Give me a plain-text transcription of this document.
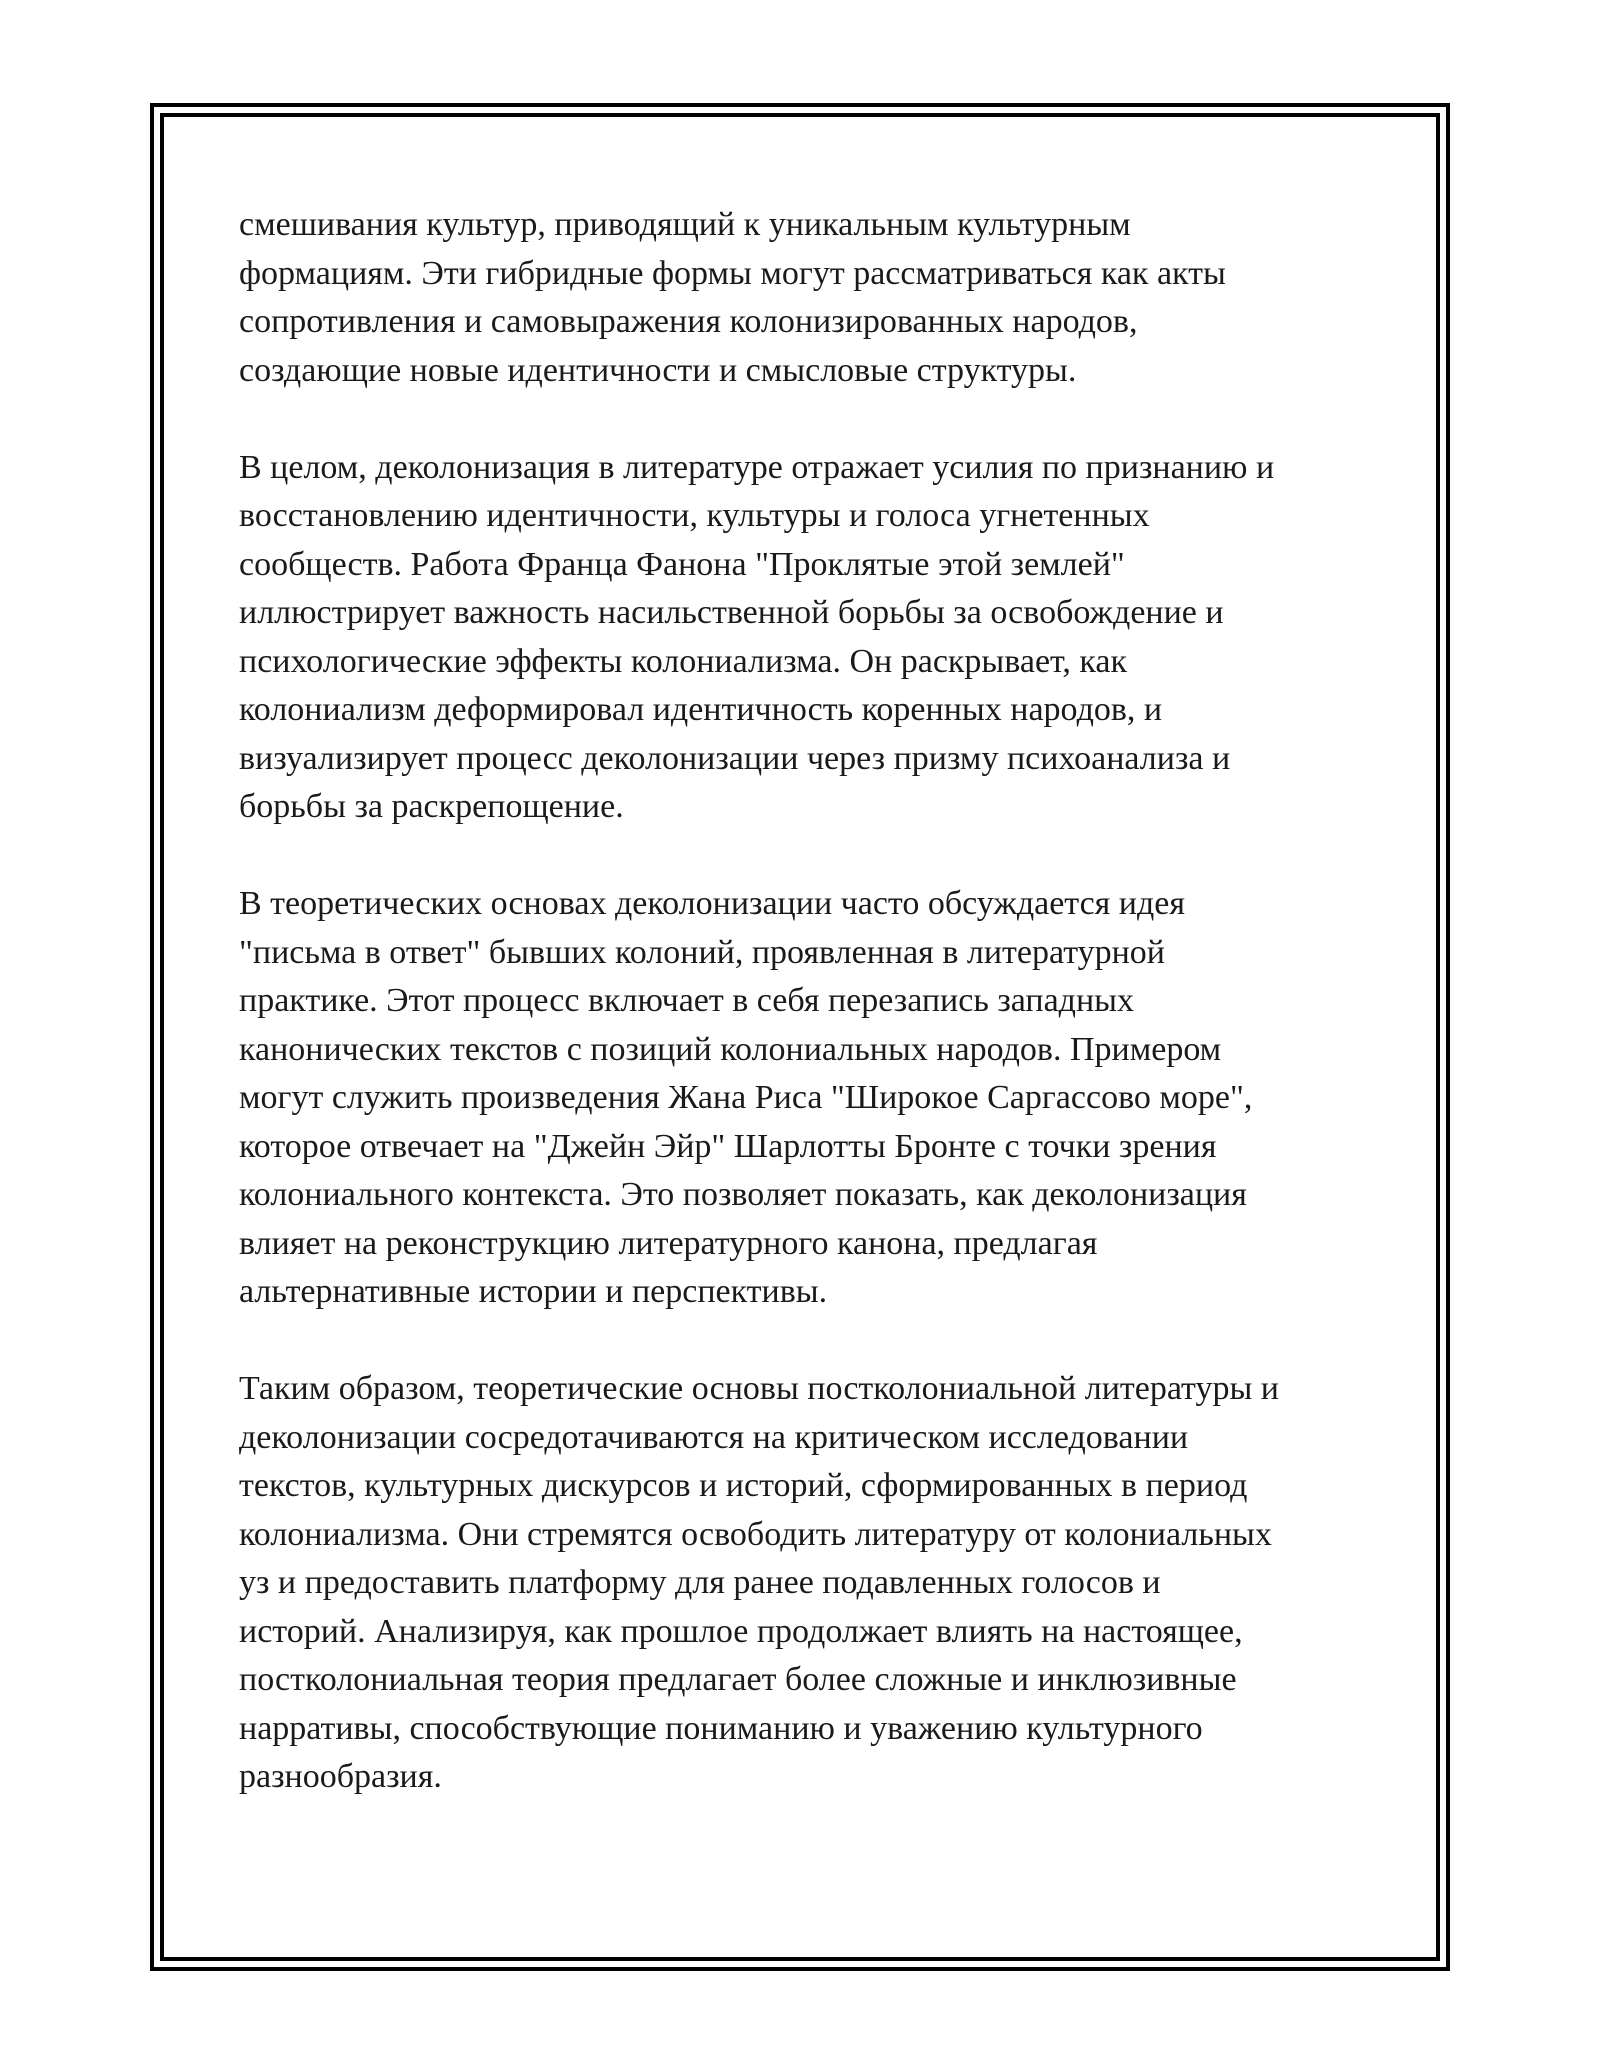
смешивания культур, приводящий к уникальным культурным
формациям. Эти гибридные формы могут рассматриваться как акты
сопротивления и самовыражения колонизированных народов,
создающие новые идентичности и смысловые структуры.

В целом, деколонизация в литературе отражает усилия по признанию и
восстановлению идентичности, культуры и голоса угнетенных
сообществ. Работа Франца Фанона "Проклятые этой землей"
иллюстрирует важность насильственной борьбы за освобождение и
психологические эффекты колониализма. Он раскрывает, как
колониализм деформировал идентичность коренных народов, и
визуализирует процесс деколонизации через призму психоанализа и
борьбы за раскрепощение.

В теоретических основах деколонизации часто обсуждается идея
"письма в ответ" бывших колоний, проявленная в литературной
практике. Этот процесс включает в себя перезапись западных
канонических текстов с позиций колониальных народов. Примером
могут служить произведения Жана Риса "Широкое Саргассово море",
которое отвечает на "Джейн Эйр" Шарлотты Бронте с точки зрения
колониального контекста. Это позволяет показать, как деколонизация
влияет на реконструкцию литературного канона, предлагая
альтернативные истории и перспективы.

Таким образом, теоретические основы постколониальной литературы и
деколонизации сосредотачиваются на критическом исследовании
текстов, культурных дискурсов и историй, сформированных в период
колониализма. Они стремятся освободить литературу от колониальных
уз и предоставить платформу для ранее подавленных голосов и
историй. Анализируя, как прошлое продолжает влиять на настоящее,
постколониальная теория предлагает более сложные и инклюзивные
нарративы, способствующие пониманию и уважению культурного
разнообразия.
